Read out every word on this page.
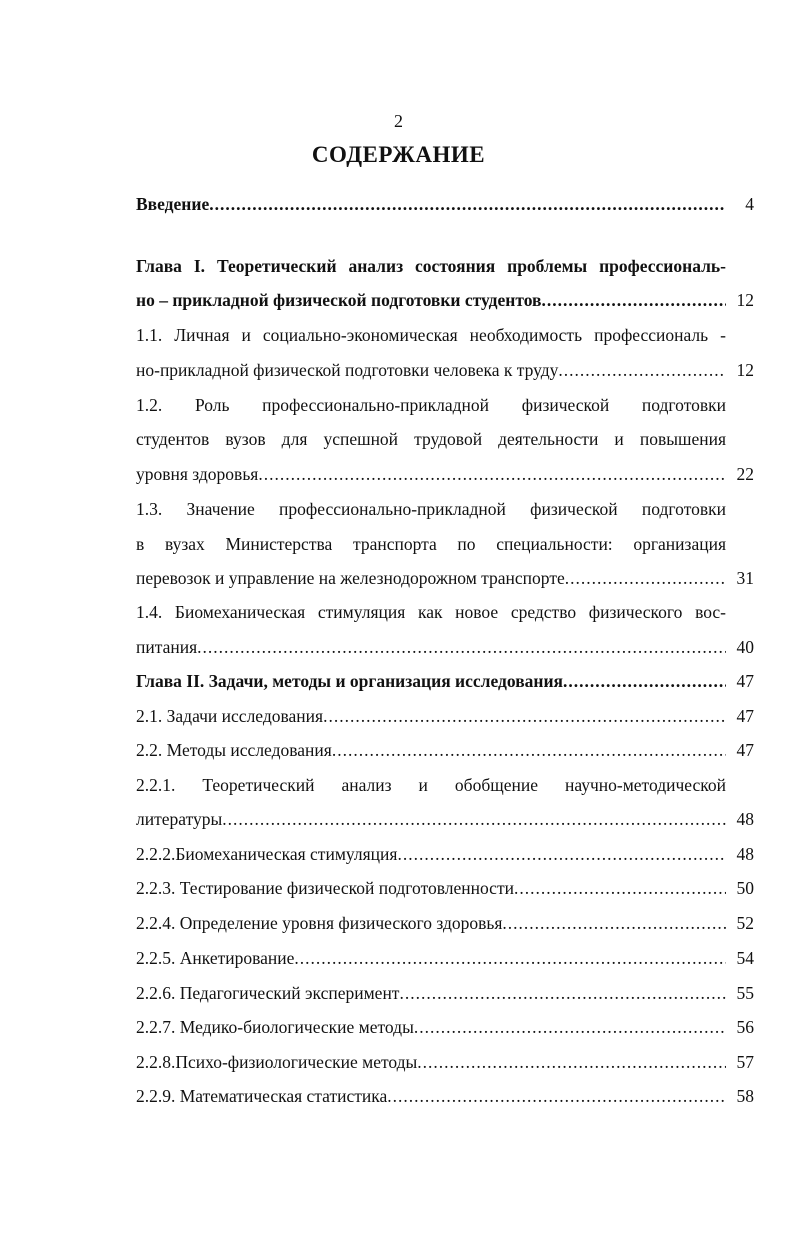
2
СОДЕРЖАНИЕ
Введение .....	4
Глава I. Теоретический анализ состояния проблемы профессиональ-
но – прикладной физической подготовки студентов .....	12
1.1. Личная и социально-экономическая необходимость профессиональ -
но-прикладной физической подготовки человека к труду .....	12
1.2. Роль профессионально-прикладной физической подготовки
студентов вузов для успешной трудовой деятельности и повышения
уровня здоровья .....	22
1.3. Значение профессионально-прикладной физической подготовки
в вузах Министерства транспорта по специальности: организация
перевозок и управление на железнодорожном транспорте .....	31
1.4. Биомеханическая стимуляция как новое средство физического вос-
питания .....	40
Глава II. Задачи, методы и организация исследования .....	47
2.1. Задачи исследования .....	47
2.2. Методы исследования .....	47
2.2.1. Теоретический анализ и обобщение научно-методической
литературы .....	48
2.2.2.Биомеханическая стимуляция .....	48
2.2.3. Тестирование физической подготовленности .....	50
2.2.4. Определение уровня физического здоровья .....	52
2.2.5. Анкетирование .....	54
2.2.6. Педагогический эксперимент .....	55
2.2.7. Медико-биологические методы .....	56
2.2.8.Психо-физиологические методы .....	57
2.2.9. Математическая статистика .....	58
